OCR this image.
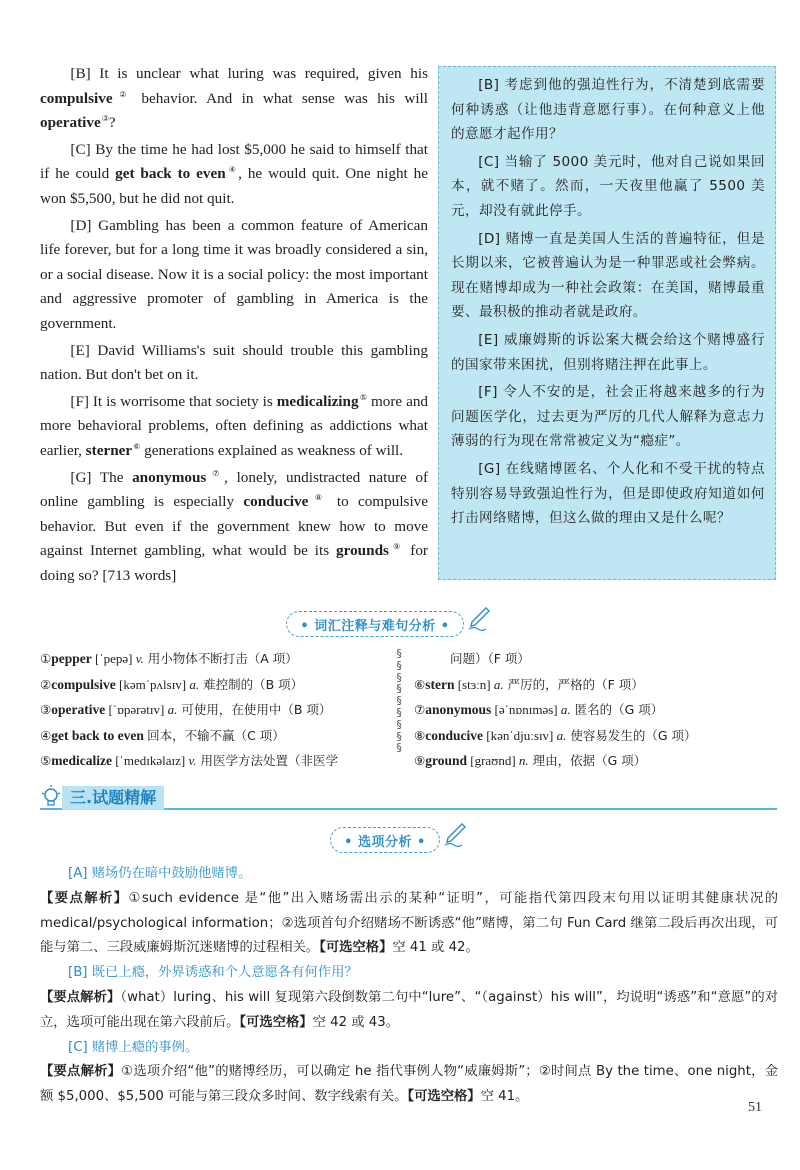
[B] It is unclear what luring was required, given his compulsive② behavior. And in what sense was his will operative③?

[C] By the time he had lost $5,000 he said to himself that if he could get back to even④, he would quit. One night he won $5,500, but he did not quit.

[D] Gambling has been a common feature of American life forever, but for a long time it was broadly considered a sin, or a social disease. Now it is a social policy: the most important and aggressive promoter of gambling in America is the government.

[E] David Williams's suit should trouble this gambling nation. But don't bet on it.

[F] It is worrisome that society is medicalizing⑤ more and more behavioral problems, often defining as addictions what earlier, sterner⑥ generations explained as weakness of will.

[G] The anonymous⑦, lonely, undistracted nature of online gambling is especially conducive⑧ to compulsive behavior. But even if the government knew how to move against Internet gambling, what would be its grounds⑨ for doing so? [713 words]

[B] 考虑到他的强迫性行为，不清楚到底需要何种诱惑（让他违背意愿行事）。在何种意义上他的意愿才起作用？

[C] 当输了 5000 美元时，他对自己说如果回本，就不赌了。然而，一天夜里他赢了 5500 美元，却没有就此停手。

[D] 赌博一直是美国人生活的普遍特征，但是长期以来，它被普遍认为是一种罪恶或社会弊病。现在赌博却成为一种社会政策：在美国，赌博最重要、最积极的推动者就是政府。

[E] 威廉姆斯的诉讼案大概会给这个赌博盛行的国家带来困扰，但别将赌注押在此事上。

[F] 令人不安的是，社会正将越来越多的行为问题医学化，过去更为严厉的几代人解释为意志力薄弱的行为现在常常被定义为“瘾症”。

[G] 在线赌博匿名、个人化和不受干扰的特点特别容易导致强迫性行为，但是即使政府知道如何打击网络赌博，但这么做的理由又是什么呢？

• 词汇注释与难句分析 •
①pepper [ˈpepə] v. 用小物体不断打击（A 项）
②compulsive [kəmˈpʌlsɪv] a. 难控制的（B 项）
③operative [ˈɒpərətɪv] a. 可使用，在使用中（B 项）
④get back to even 回本，不输不赢（C 项）
⑤medicalize [ˈmedɪkəlaɪz] v. 用医学方法处置（非医学
§
§
§
§
§
§
§
§
§
问题）（F 项）
⑥stern [stɜːn] a. 严厉的，严格的（F 项）
⑦anonymous [əˈnɒnɪməs] a. 匿名的（G 项）
⑧conducive [kənˈdjuːsɪv] a. 使容易发生的（G 项）
⑨ground [graʊnd] n. 理由，依据（G 项）
三.试题精解
• 选项分析 •
[A] 赌场仍在暗中鼓励他赌博。
【要点解析】①such evidence 是“他”出入赌场需出示的某种“证明”，可能指代第四段末句用以证明其健康状况的 medical/psychological information；②选项首句介绍赌场不断诱惑“他”赌博，第二句 Fun Card 继第二段后再次出现，可能与第二、三段威廉姆斯沉迷赌博的过程相关。【可选空格】空 41 或 42。
[B] 既已上瘾，外界诱惑和个人意愿各有何作用？
【要点解析】（what）luring、his will 复现第六段倒数第二句中“lure”、“（against）his will”，均说明“诱惑”和“意愿”的对立，选项可能出现在第六段前后。【可选空格】空 42 或 43。
[C] 赌博上瘾的事例。
【要点解析】①选项介绍“他”的赌博经历，可以确定 he 指代事例人物“威廉姆斯”；②时间点 By the time、one night，金额 $5,000、$5,500 可能与第三段众多时间、数字线索有关。【可选空格】空 41。
51
